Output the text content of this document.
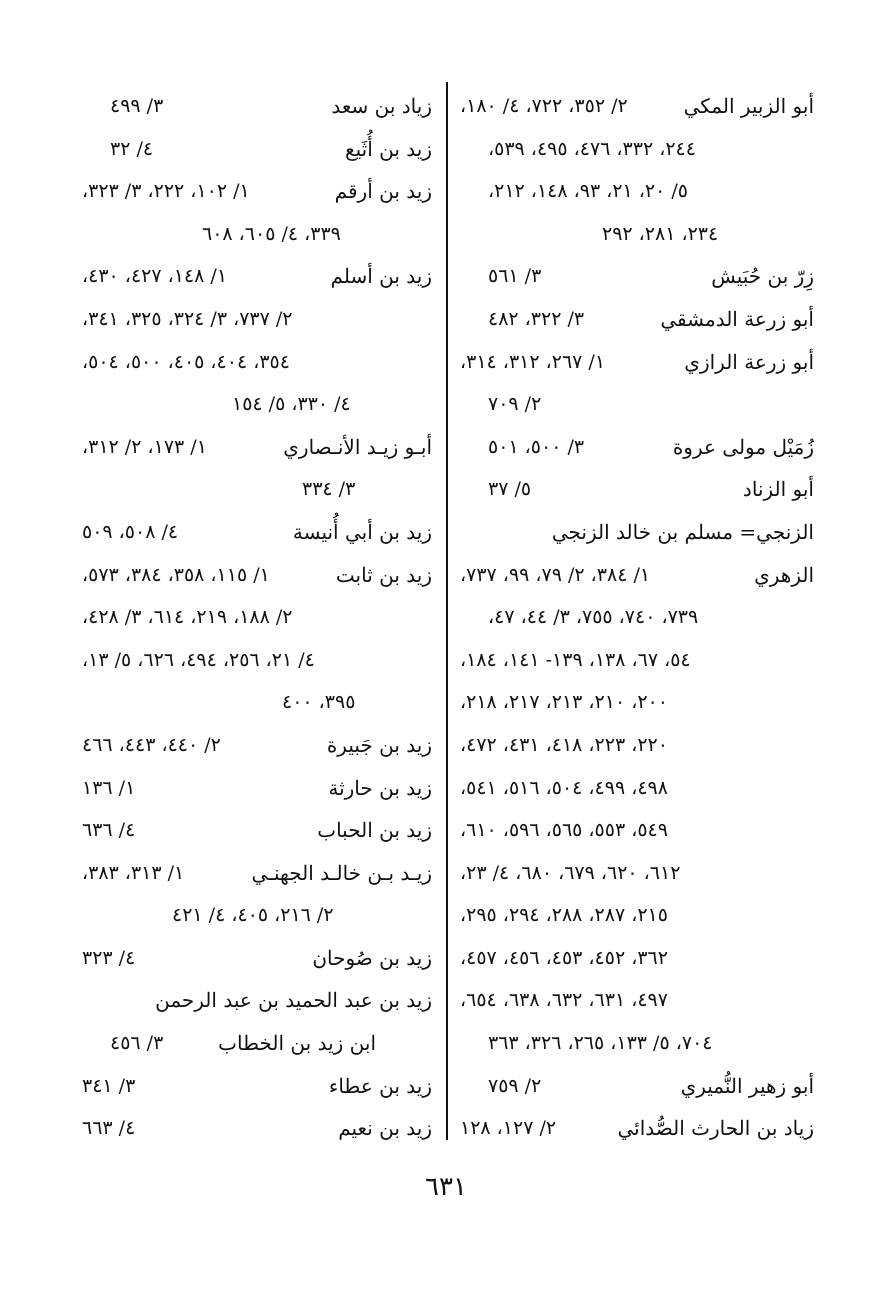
أبو الزبير المكي
٢/ ٣٥٢، ٧٢٢، ٤/ ١٨٠،
٢٤٤، ٣٣٢، ٤٧٦، ٤٩٥، ٥٣٩،
٥/ ٢٠، ٢١، ٩٣، ١٤٨، ٢١٢،
٢٣٤، ٢٨١، ٢٩٢
زِرّ بن حُبَيش
٣/ ٥٦١
أبو زرعة الدمشقي
٣/ ٣٢٢، ٤٨٢
أبو زرعة الرازي
١/ ٢٦٧، ٣١٢، ٣١٤،
٢/ ٧٠٩
زُمَيْل مولى عروة
٣/ ٥٠٠، ٥٠١
أبو الزناد
٥/ ٣٧
الزنجي= مسلم بن خالد الزنجي
الزهري
١/ ٣٨٤، ٢/ ٧٩، ٩٩، ٧٣٧،
٧٣٩، ٧٤٠، ٧٥٥، ٣/ ٤٤، ٤٧،
٥٤، ٦٧، ١٣٨، ١٣٩- ١٤١، ١٨٤،
٢٠٠، ٢١٠، ٢١٣، ٢١٧، ٢١٨،
٢٢٠، ٢٢٣، ٤١٨، ٤٣١، ٤٧٢،
٤٩٨، ٤٩٩، ٥٠٤، ٥١٦، ٥٤١،
٥٤٩، ٥٥٣، ٥٦٥، ٥٩٦، ٦١٠،
٦١٢، ٦٢٠، ٦٧٩، ٦٨٠، ٤/ ٢٣،
٢١٥، ٢٨٧، ٢٨٨، ٢٩٤، ٢٩٥،
٣٦٢، ٤٥٢، ٤٥٣، ٤٥٦، ٤٥٧،
٤٩٧، ٦٣١، ٦٣٢، ٦٣٨، ٦٥٤،
٧٠٤، ٥/ ١٣٣، ٢٦٥، ٣٢٦، ٣٦٣
أبو زهير النُّميري
٢/ ٧٥٩
زياد بن الحارث الصُّدائي
٢/ ١٢٧، ١٢٨
زياد بن سعد
٣/ ٤٩٩
زيد بن أُثَيع
٤/ ٣٢
زيد بن أرقم
١/ ١٠٢، ٢٢٢، ٣/ ٣٢٣،
٣٣٩، ٤/ ٦٠٥، ٦٠٨
زيد بن أسلم
١/ ١٤٨، ٤٢٧، ٤٣٠،
٢/ ٧٣٧، ٣/ ٣٢٤، ٣٢٥، ٣٤١،
٣٥٤، ٤٠٤، ٤٠٥، ٥٠٠، ٥٠٤،
٤/ ٣٣٠، ٥/ ١٥٤
أبـو زيـد الأنـصاري
١/ ١٧٣، ٢/ ٣١٢،
٣/ ٣٣٤
زيد بن أبي أُنيسة
٤/ ٥٠٨، ٥٠٩
زيد بن ثابت
١/ ١١٥، ٣٥٨، ٣٨٤، ٥٧٣،
٢/ ١٨٨، ٢١٩، ٦١٤، ٣/ ٤٢٨،
٤/ ٢١، ٢٥٦، ٤٩٤، ٦٢٦، ٥/ ١٣،
٣٩٥، ٤٠٠
زيد بن جَبيرة
٢/ ٤٤٠، ٤٤٣، ٤٦٦
زيد بن حارثة
١/ ١٣٦
زيد بن الحباب
٤/ ٦٣٦
زيـد بـن خالـد الجهنـي
١/ ٣١٣، ٣٨٣،
٢/ ٢١٦، ٤٠٥، ٤/ ٤٢١
زيد بن صُوحان
٤/ ٣٢٣
زيد بن عبد الحميد بن عبد الرحمن
ابن زيد بن الخطاب
٣/ ٤٥٦
زيد بن عطاء
٣/ ٣٤١
زيد بن نعيم
٤/ ٦٦٣
٦٣١
